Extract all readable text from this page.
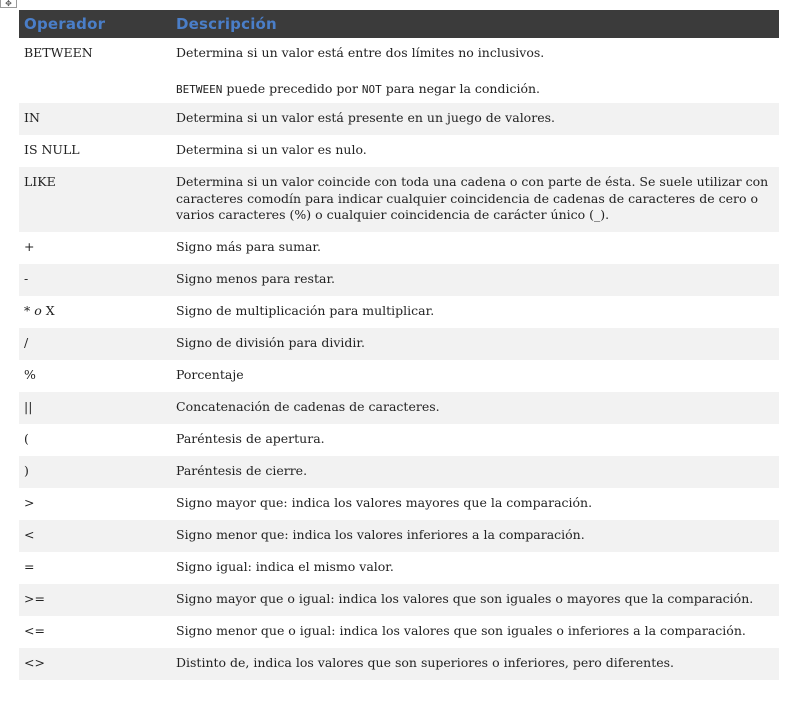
✥
Operador	Descripción
BETWEEN	Determina si un valor está entre dos límites no inclusivos.
BETWEEN puede precedido por NOT para negar la condición.
IN	Determina si un valor está presente en un juego de valores.
IS NULL	Determina si un valor es nulo.
LIKE	Determina si un valor coincide con toda una cadena o con parte de ésta. Se suele utilizar con caracteres comodín para indicar cualquier coincidencia de cadenas de caracteres de cero o varios caracteres (%) o cualquier coincidencia de carácter único (_).
+	Signo más para sumar.
-	Signo menos para restar.
* o X	Signo de multiplicación para multiplicar.
/	Signo de división para dividir.
%	Porcentaje
||	Concatenación de cadenas de caracteres.
(	Paréntesis de apertura.
)	Paréntesis de cierre.
>	Signo mayor que: indica los valores mayores que la comparación.
<	Signo menor que: indica los valores inferiores a la comparación.
=	Signo igual: indica el mismo valor.
>=	Signo mayor que o igual: indica los valores que son iguales o mayores que la comparación.
<=	Signo menor que o igual: indica los valores que son iguales o inferiores a la comparación.
<>	Distinto de, indica los valores que son superiores o inferiores, pero diferentes.
